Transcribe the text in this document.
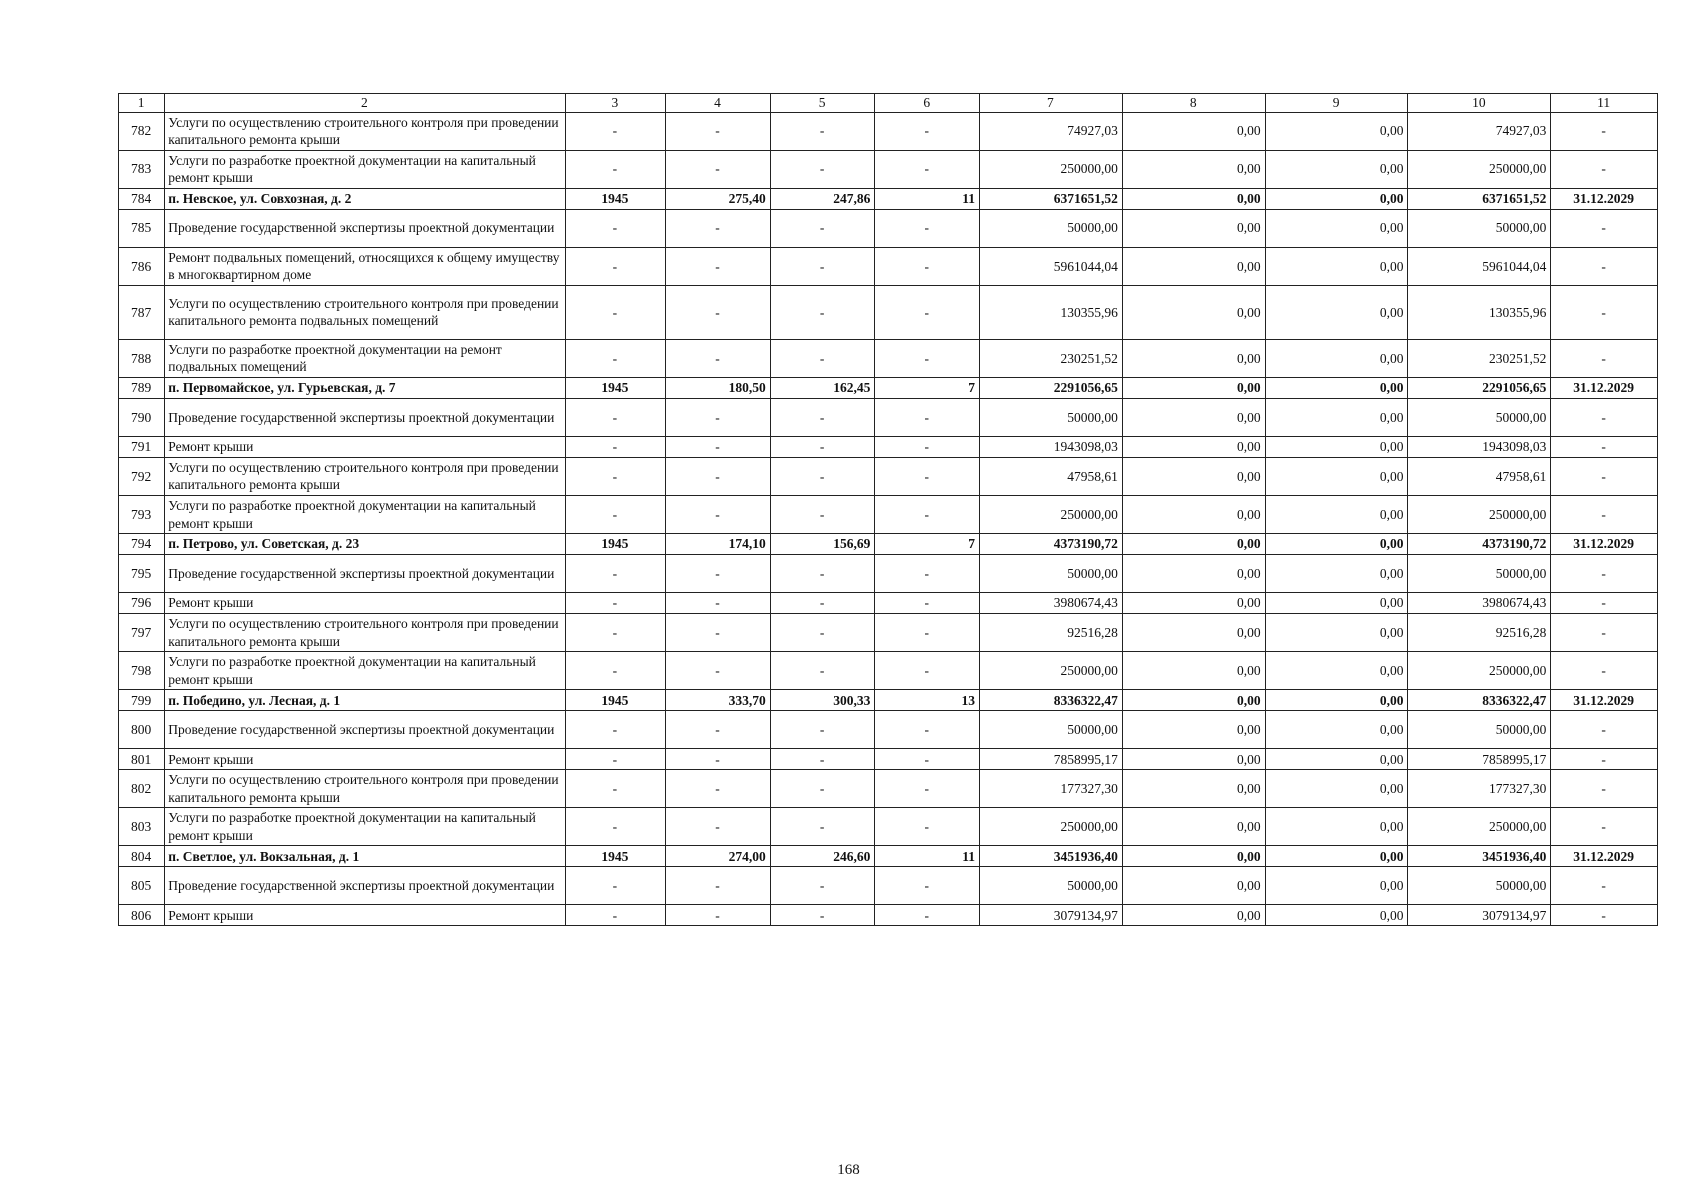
1	2	3	4	5	6	7	8	9	10	11
782	Услуги по осуществлению строительного контроля при проведении капитального ремонта крыши	-	-	-	-	74927,03	0,00	0,00	74927,03	-
783	Услуги по разработке проектной документации на капитальный ремонт крыши	-	-	-	-	250000,00	0,00	0,00	250000,00	-
784	п. Невское, ул. Совхозная, д. 2	1945	275,40	247,86	11	6371651,52	0,00	0,00	6371651,52	31.12.2029
785	Проведение государственной экспертизы проектной документации	-	-	-	-	50000,00	0,00	0,00	50000,00	-
786	Ремонт подвальных помещений, относящихся к общему имуществу в многоквартирном доме	-	-	-	-	5961044,04	0,00	0,00	5961044,04	-
787	Услуги по осуществлению строительного контроля при проведении капитального ремонта подвальных помещений	-	-	-	-	130355,96	0,00	0,00	130355,96	-
788	Услуги по разработке проектной документации на ремонт подвальных помещений	-	-	-	-	230251,52	0,00	0,00	230251,52	-
789	п. Первомайское, ул. Гурьевская, д. 7	1945	180,50	162,45	7	2291056,65	0,00	0,00	2291056,65	31.12.2029
790	Проведение государственной экспертизы проектной документации	-	-	-	-	50000,00	0,00	0,00	50000,00	-
791	Ремонт крыши	-	-	-	-	1943098,03	0,00	0,00	1943098,03	-
792	Услуги по осуществлению строительного контроля при проведении капитального ремонта крыши	-	-	-	-	47958,61	0,00	0,00	47958,61	-
793	Услуги по разработке проектной документации на капитальный ремонт крыши	-	-	-	-	250000,00	0,00	0,00	250000,00	-
794	п. Петрово, ул. Советская, д. 23	1945	174,10	156,69	7	4373190,72	0,00	0,00	4373190,72	31.12.2029
795	Проведение государственной экспертизы проектной документации	-	-	-	-	50000,00	0,00	0,00	50000,00	-
796	Ремонт крыши	-	-	-	-	3980674,43	0,00	0,00	3980674,43	-
797	Услуги по осуществлению строительного контроля при проведении капитального ремонта крыши	-	-	-	-	92516,28	0,00	0,00	92516,28	-
798	Услуги по разработке проектной документации на капитальный ремонт крыши	-	-	-	-	250000,00	0,00	0,00	250000,00	-
799	п. Победино, ул. Лесная, д. 1	1945	333,70	300,33	13	8336322,47	0,00	0,00	8336322,47	31.12.2029
800	Проведение государственной экспертизы проектной документации	-	-	-	-	50000,00	0,00	0,00	50000,00	-
801	Ремонт крыши	-	-	-	-	7858995,17	0,00	0,00	7858995,17	-
802	Услуги по осуществлению строительного контроля при проведении капитального ремонта крыши	-	-	-	-	177327,30	0,00	0,00	177327,30	-
803	Услуги по разработке проектной документации на капитальный ремонт крыши	-	-	-	-	250000,00	0,00	0,00	250000,00	-
804	п. Светлое, ул. Вокзальная, д. 1	1945	274,00	246,60	11	3451936,40	0,00	0,00	3451936,40	31.12.2029
805	Проведение государственной экспертизы проектной документации	-	-	-	-	50000,00	0,00	0,00	50000,00	-
806	Ремонт крыши	-	-	-	-	3079134,97	0,00	0,00	3079134,97	-
168
